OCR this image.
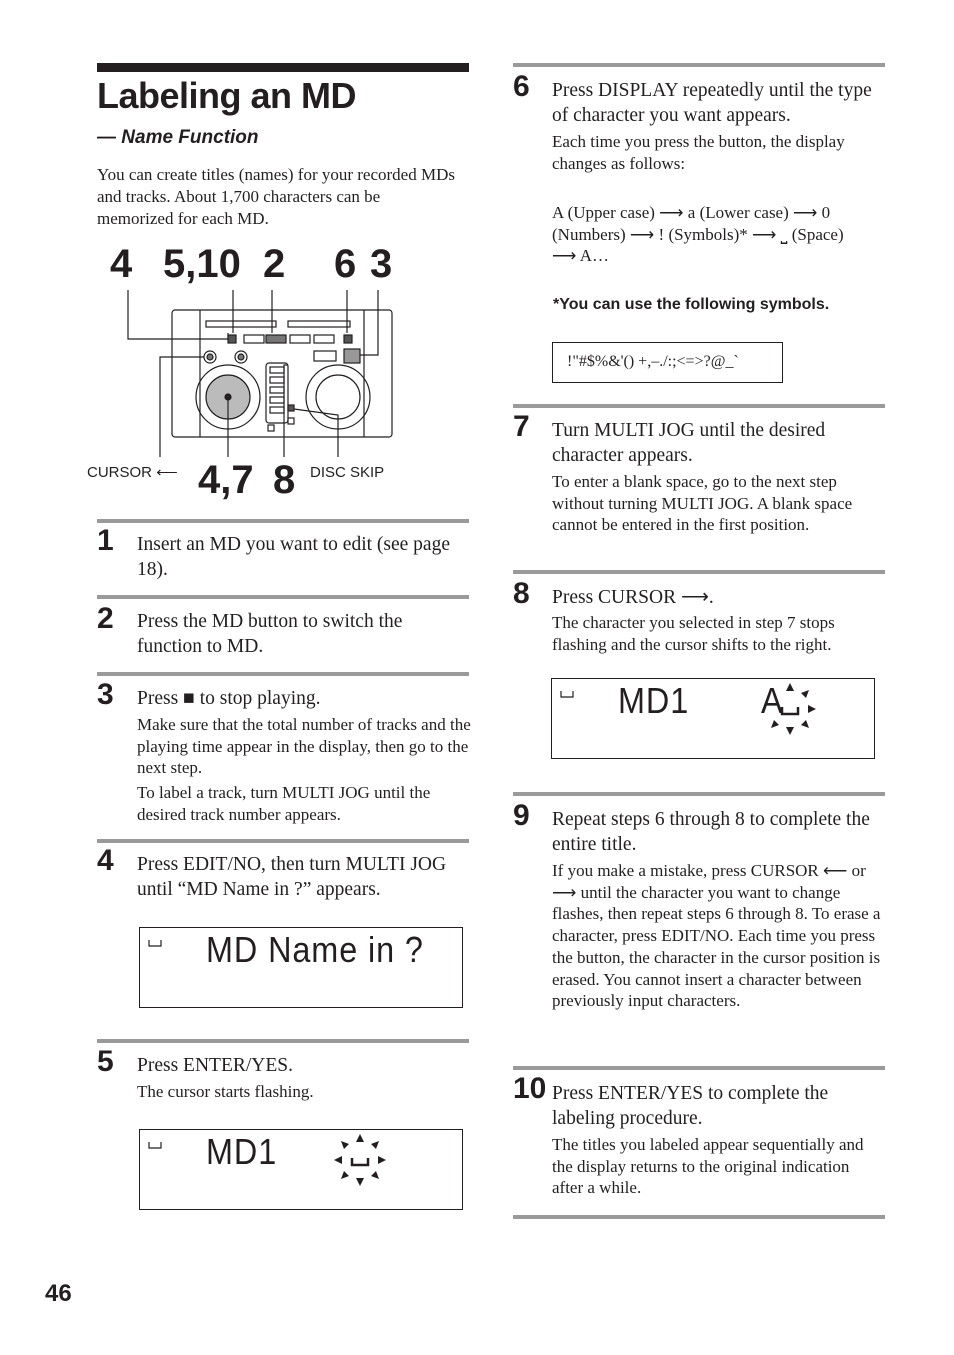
Labeling an MD
— Name Function
You can create titles (names) for your recorded MDs and tracks. About 1,700 characters can be memorized for each MD.
4 5,10 2 6 3
4,7 8
CURSOR ⟵	DISC SKIP
1 Insert an MD you want to edit (see page 18).
2 Press the MD button to switch the function to MD.
3 Press ■ to stop playing.
Make sure that the total number of tracks and the playing time appear in the display, then go to the next step.
To label a track, turn MULTI JOG until the desired track number appears.
4 Press EDIT/NO, then turn MULTI JOG until “MD Name in ?” appears.
MD Name in ?
5 Press ENTER/YES.
The cursor starts flashing.
MD1
6 Press DISPLAY repeatedly until the type of character you want appears.
Each time you press the button, the display changes as follows:
A (Upper case) ⟶ a (Lower case) ⟶ 0
(Numbers) ⟶ ! (Symbols)* ⟶ ⎵ (Space)
⟶ A…
*You can use the following symbols.
!"#$%&'() +,–./:;<=>?@_`
7 Turn MULTI JOG until the desired character appears.
To enter a blank space, go to the next step without turning MULTI JOG. A blank space cannot be entered in the first position.
8 Press CURSOR ⟶.
The character you selected in step 7 stops flashing and the cursor shifts to the right.
MD1 A
9 Repeat steps 6 through 8 to complete the entire title.
If you make a mistake, press CURSOR ⟵ or ⟶ until the character you want to change flashes, then repeat steps 6 through 8. To erase a character, press EDIT/NO. Each time you press the button, the character in the cursor position is erased. You cannot insert a character between previously input characters.
10 Press ENTER/YES to complete the labeling procedure.
The titles you labeled appear sequentially and the display returns to the original indication after a while.
46
